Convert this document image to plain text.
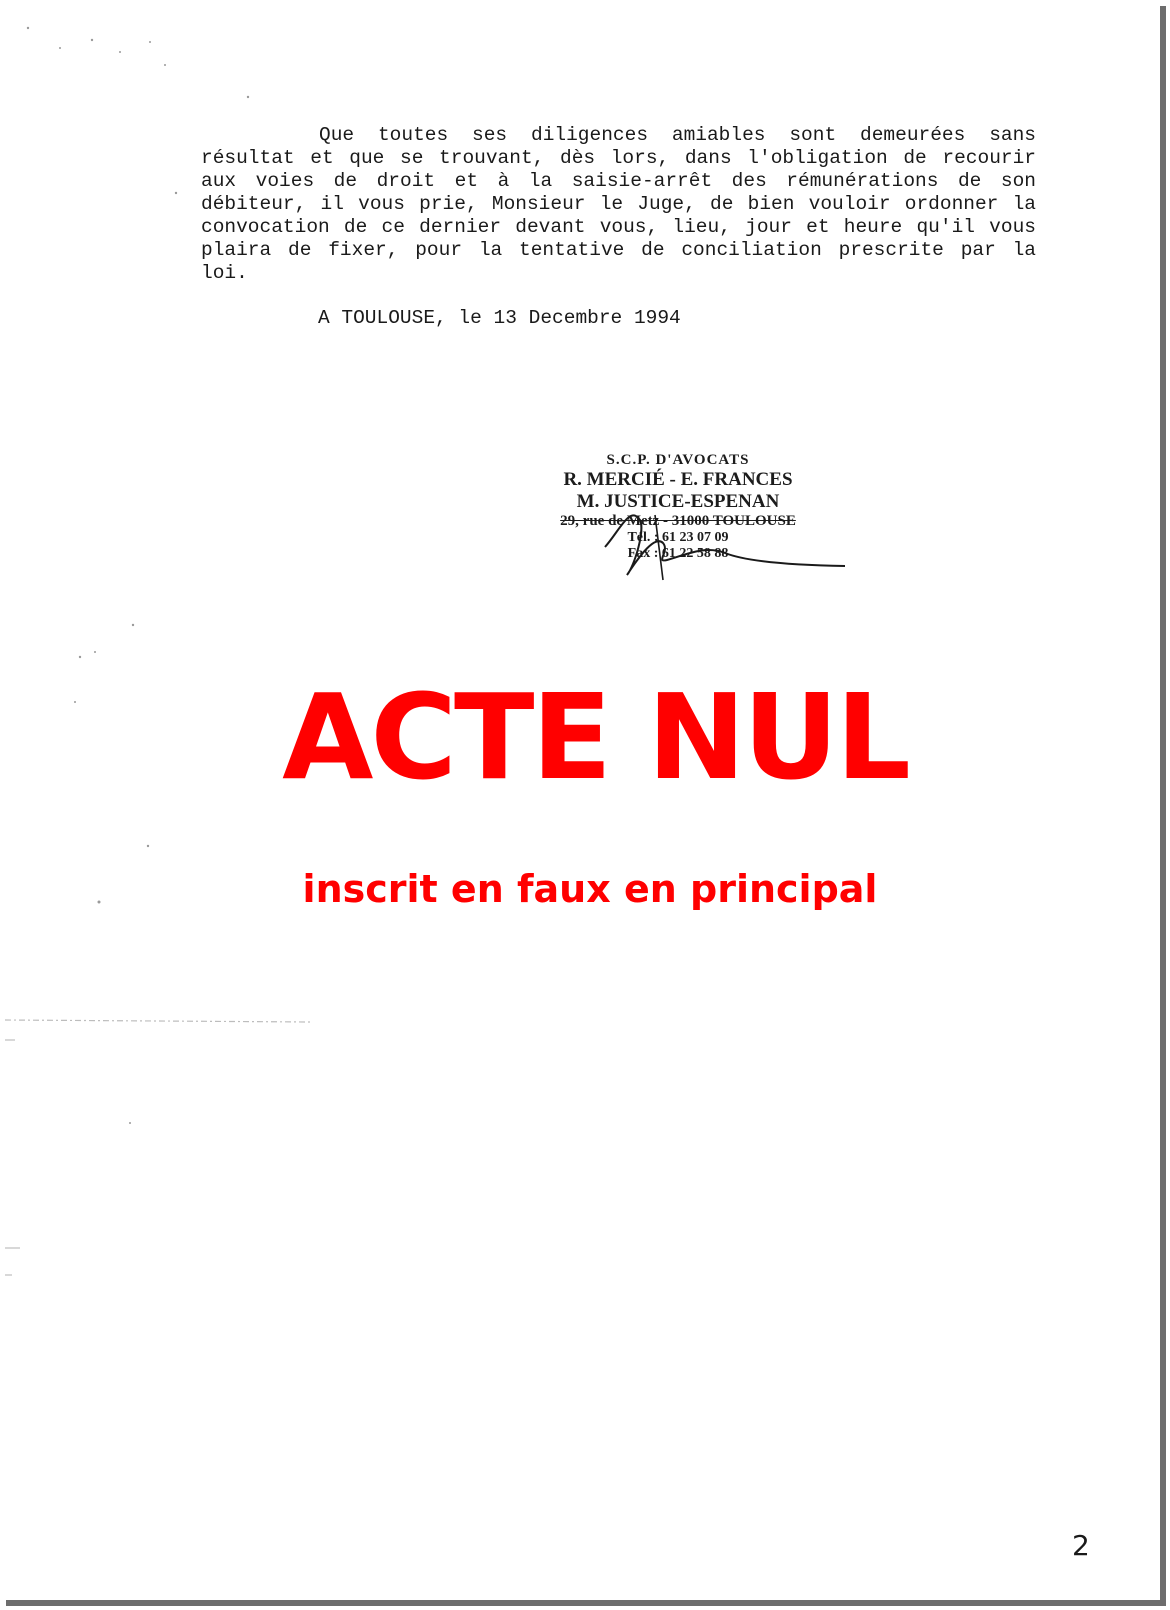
Que toutes ses diligences amiables sont demeurées sans
résultat et que se trouvant, dès lors, dans l'obligation de recourir
aux voies de droit et à la saisie-arrêt des rémunérations de son
débiteur, il vous prie, Monsieur le Juge, de bien vouloir ordonner la
convocation de ce dernier devant vous, lieu, jour et heure qu'il vous
plaira de fixer, pour la tentative de conciliation prescrite par la
loi.
A TOULOUSE, le 13 Decembre 1994
S.C.P. D'AVOCATS
R. MERCIÉ - E. FRANCES
M. JUSTICE-ESPENAN
29, rue de Metz - 31000 TOULOUSE
Tél. : 61 23 07 09
Fax : 61 22 58 88
ACTE NUL
inscrit en faux en principal
2
